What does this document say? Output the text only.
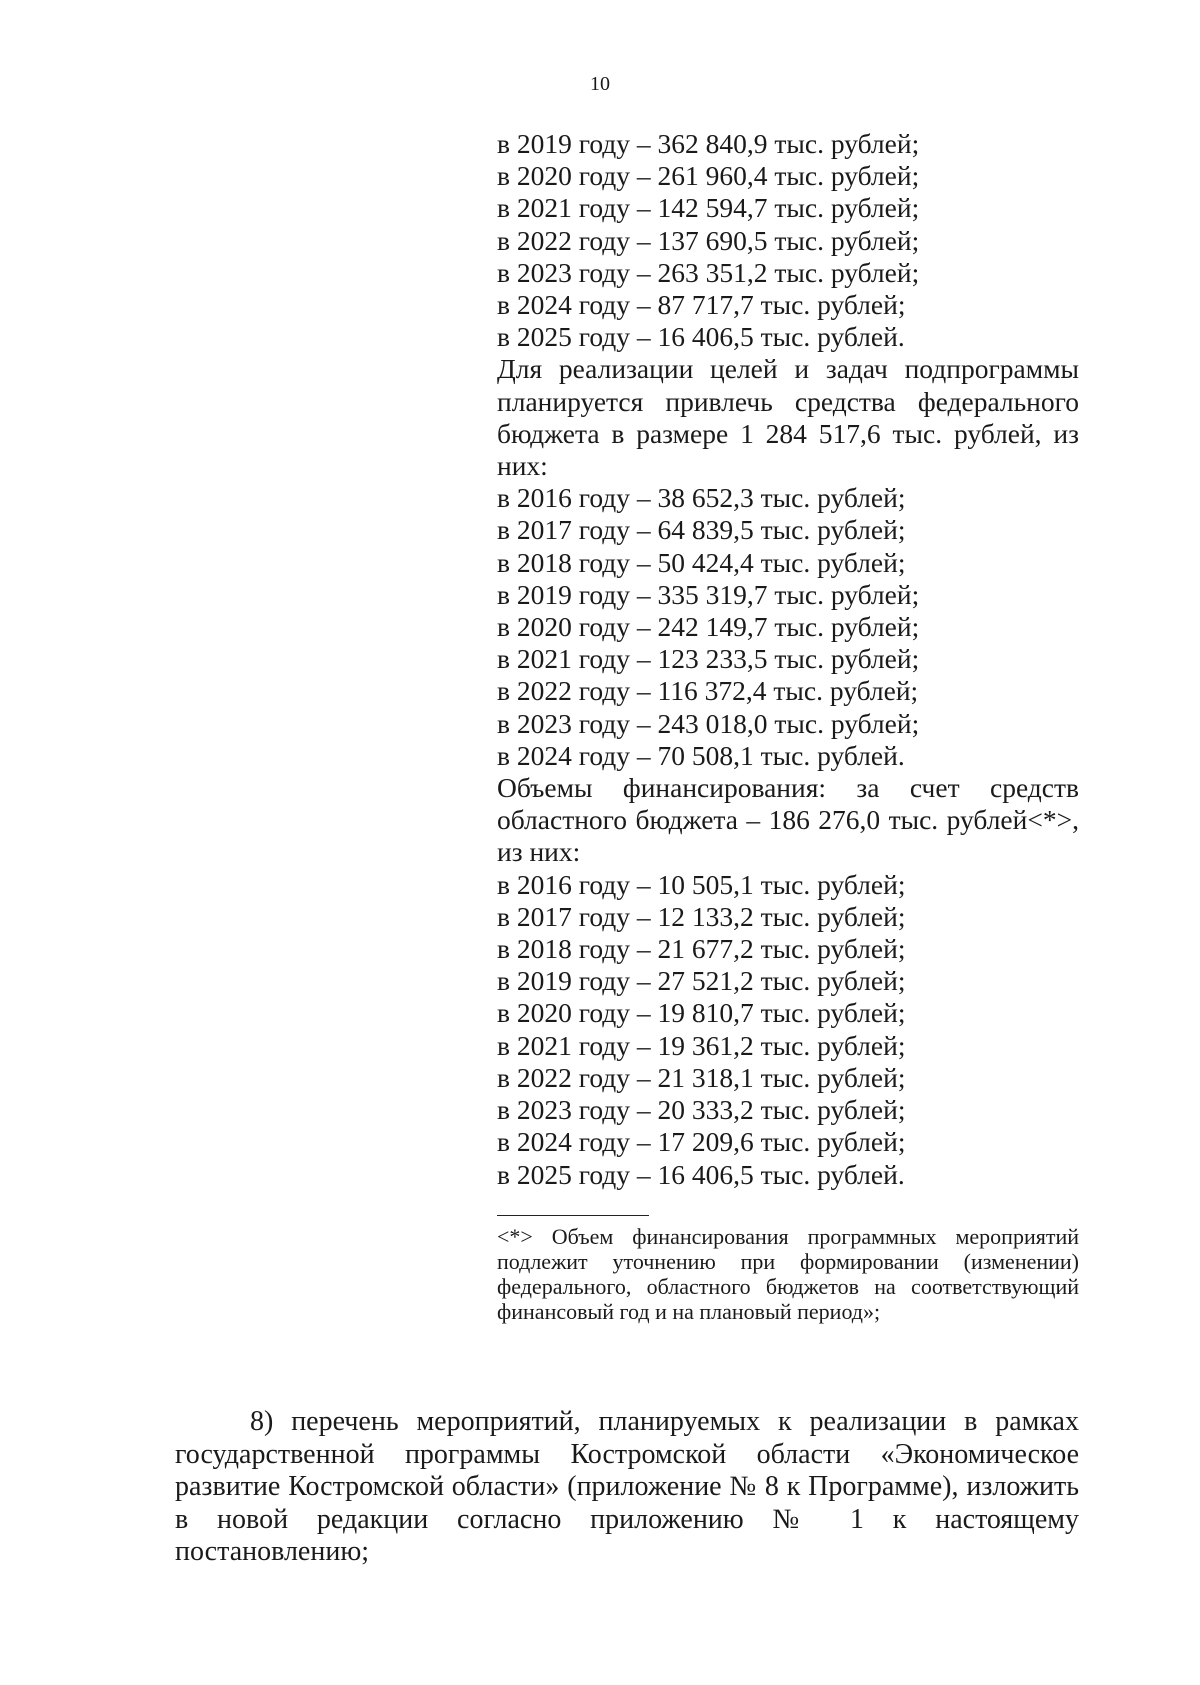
10
в 2019 году – 362 840,9 тыс. рублей;
в 2020 году – 261 960,4 тыс. рублей;
в 2021 году – 142 594,7 тыс. рублей;
в 2022 году – 137 690,5 тыс. рублей;
в 2023 году – 263 351,2 тыс. рублей;
в 2024 году – 87 717,7 тыс. рублей;
в 2025 году – 16 406,5 тыс. рублей.
Для реализации целей и задач подпрограммы планируется привлечь средства федерального бюджета в размере 1 284 517,6 тыс. рублей, из них:
в 2016 году – 38 652,3 тыс. рублей;
в 2017 году – 64 839,5 тыс. рублей;
в 2018 году – 50 424,4 тыс. рублей;
в 2019 году – 335 319,7 тыс. рублей;
в 2020 году – 242 149,7 тыс. рублей;
в 2021 году – 123 233,5 тыс. рублей;
в 2022 году – 116 372,4 тыс. рублей;
в 2023 году – 243 018,0 тыс. рублей;
в 2024 году – 70 508,1 тыс. рублей.
Объемы финансирования: за счет средств областного бюджета – 186 276,0 тыс. рублей<*>, из них:
в 2016 году – 10 505,1 тыс. рублей;
в 2017 году – 12 133,2 тыс. рублей;
в 2018 году – 21 677,2 тыс. рублей;
в 2019 году – 27 521,2 тыс. рублей;
в 2020 году – 19 810,7 тыс. рублей;
в 2021 году – 19 361,2 тыс. рублей;
в 2022 году – 21 318,1 тыс. рублей;
в 2023 году – 20 333,2 тыс. рублей;
в 2024 году – 17 209,6 тыс. рублей;
в 2025 году – 16 406,5 тыс. рублей.
<*> Объем финансирования программных мероприятий подлежит уточнению при формировании (изменении) федерального, областного бюджетов на соответствующий финансовый год и на плановый период»;
8) перечень мероприятий, планируемых к реализации в рамках государственной программы Костромской области «Экономическое развитие Костромской области» (приложение № 8 к Программе), изложить в новой редакции согласно приложению № 1 к настоящему постановлению;
